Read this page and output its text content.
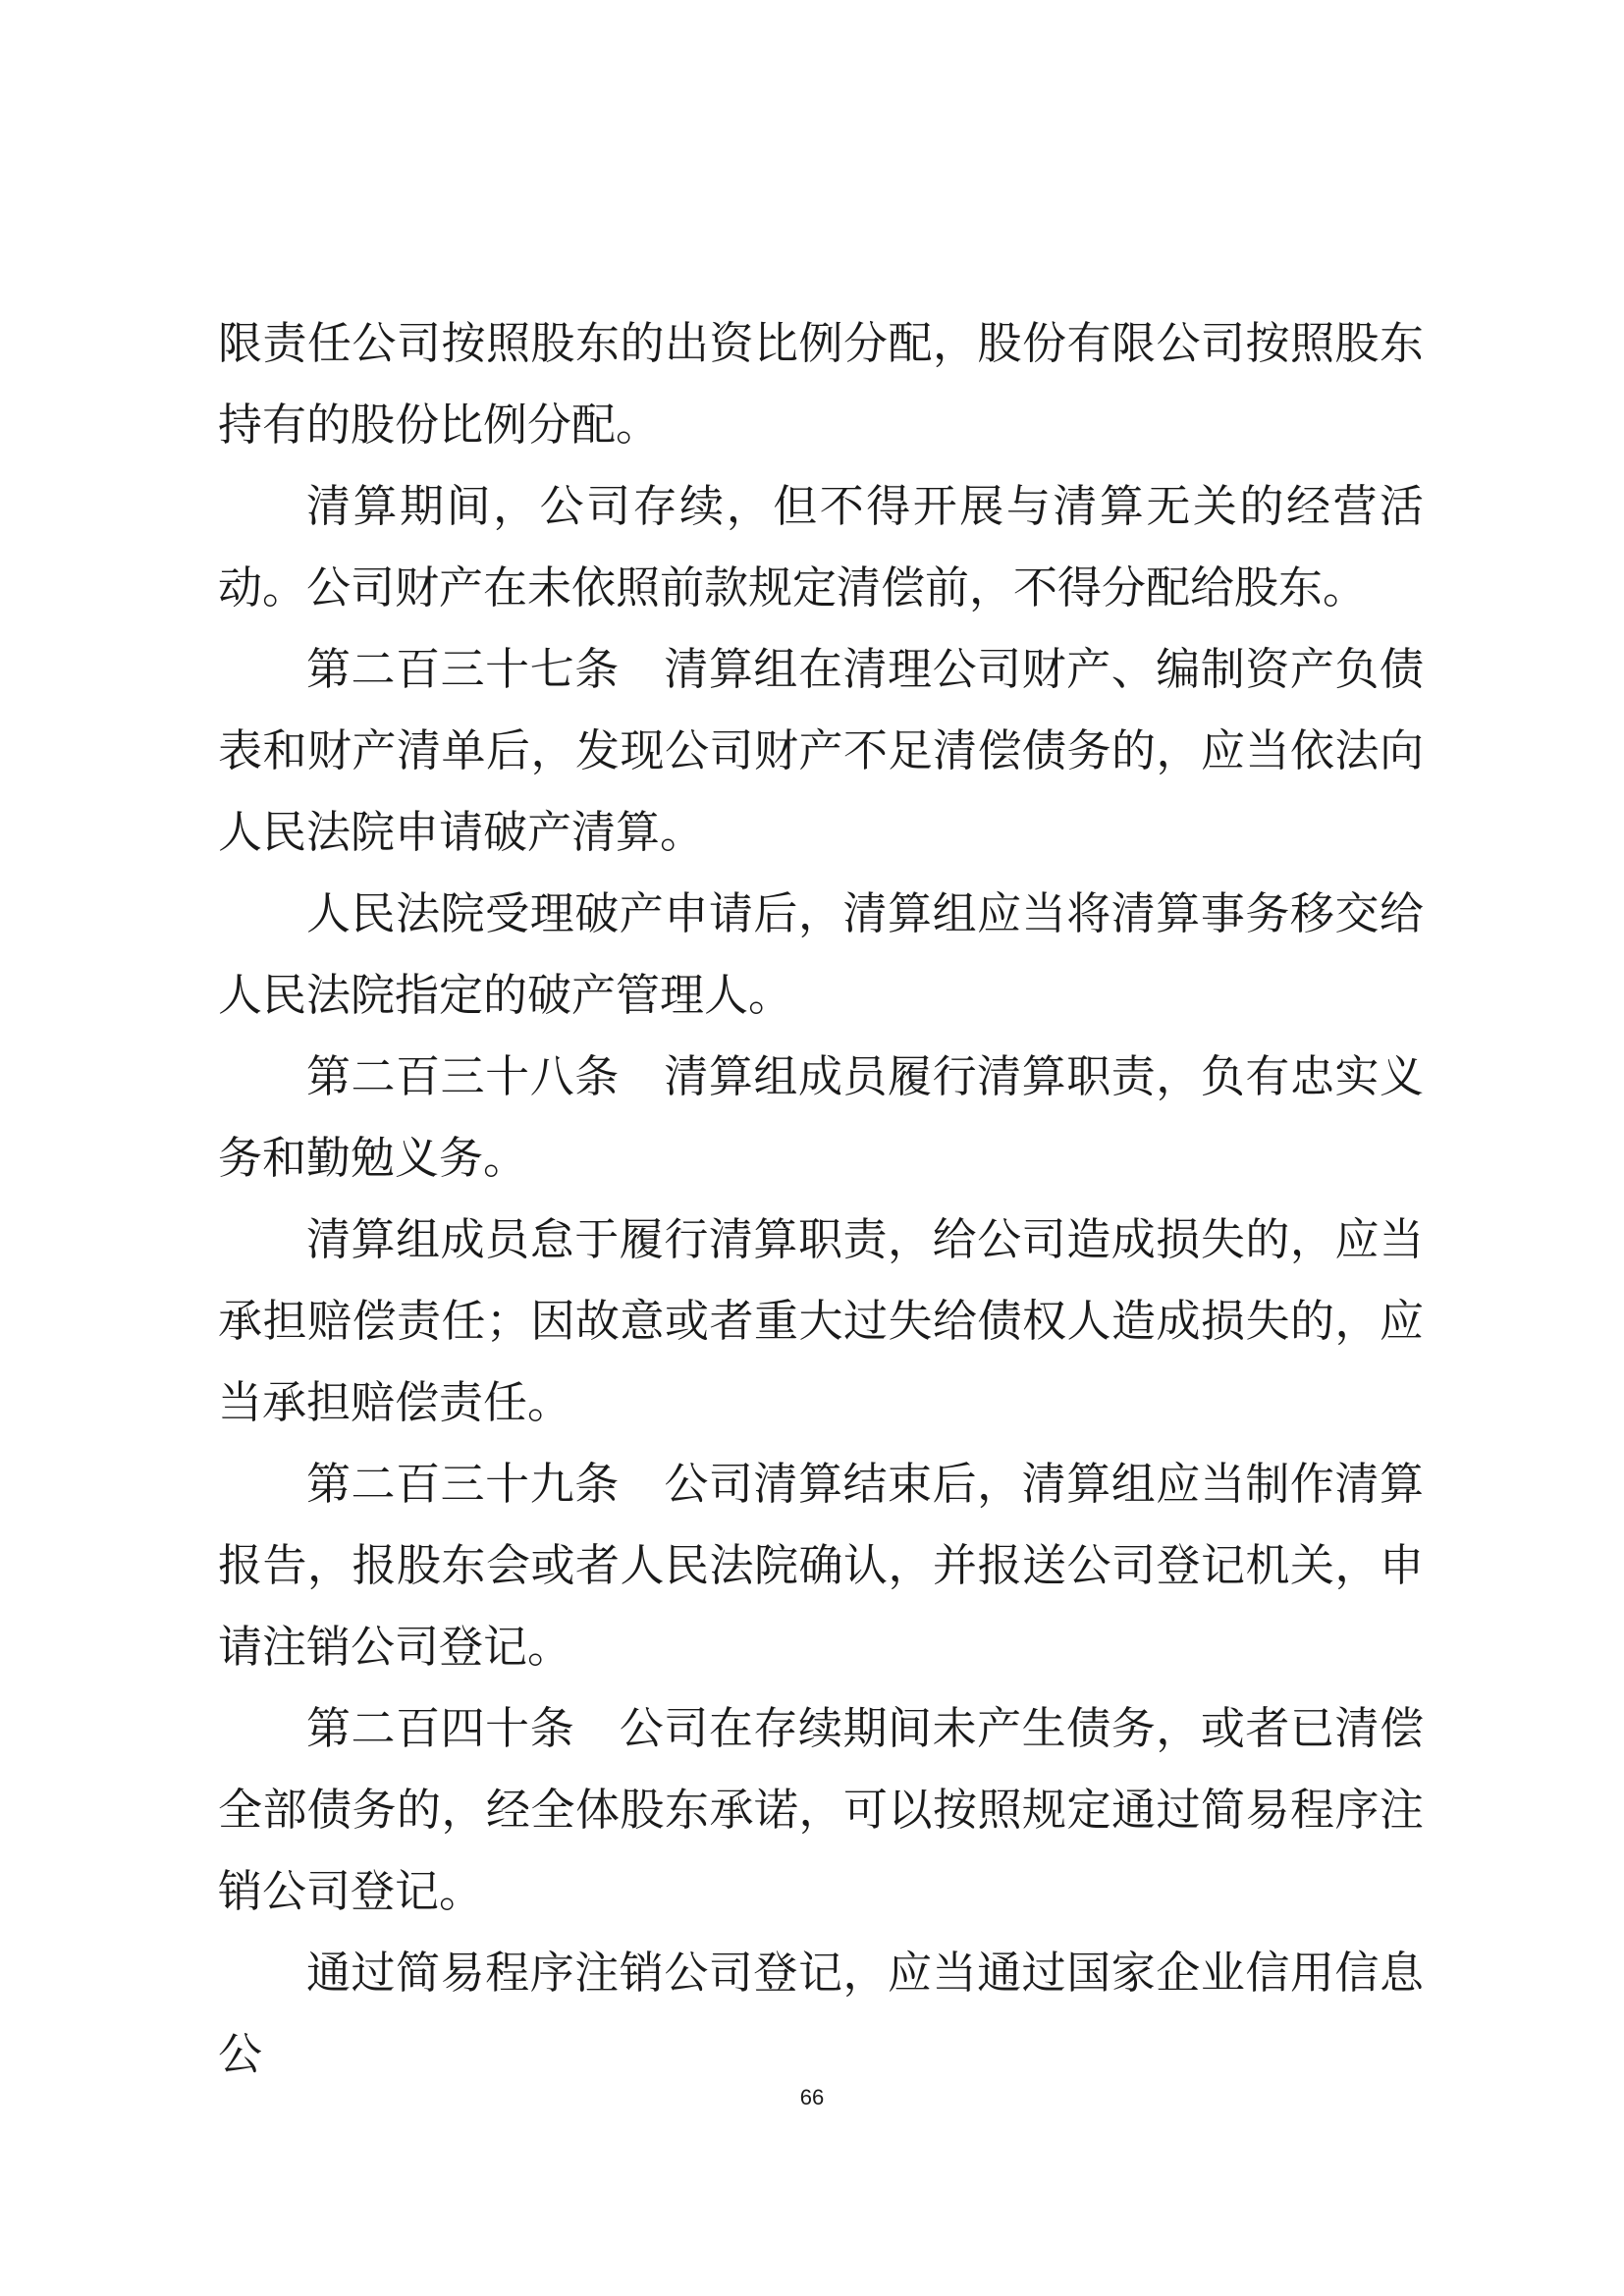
限责任公司按照股东的出资比例分配，股份有限公司按照股东持有的股份比例分配。

清算期间，公司存续，但不得开展与清算无关的经营活动。公司财产在未依照前款规定清偿前，不得分配给股东。

第二百三十七条　清算组在清理公司财产、编制资产负债表和财产清单后，发现公司财产不足清偿债务的，应当依法向人民法院申请破产清算。

人民法院受理破产申请后，清算组应当将清算事务移交给人民法院指定的破产管理人。

第二百三十八条　清算组成员履行清算职责，负有忠实义务和勤勉义务。

清算组成员怠于履行清算职责，给公司造成损失的，应当承担赔偿责任；因故意或者重大过失给债权人造成损失的，应当承担赔偿责任。

第二百三十九条　公司清算结束后，清算组应当制作清算报告，报股东会或者人民法院确认，并报送公司登记机关，申请注销公司登记。

第二百四十条　公司在存续期间未产生债务，或者已清偿全部债务的，经全体股东承诺，可以按照规定通过简易程序注销公司登记。

通过简易程序注销公司登记，应当通过国家企业信用信息公

66
